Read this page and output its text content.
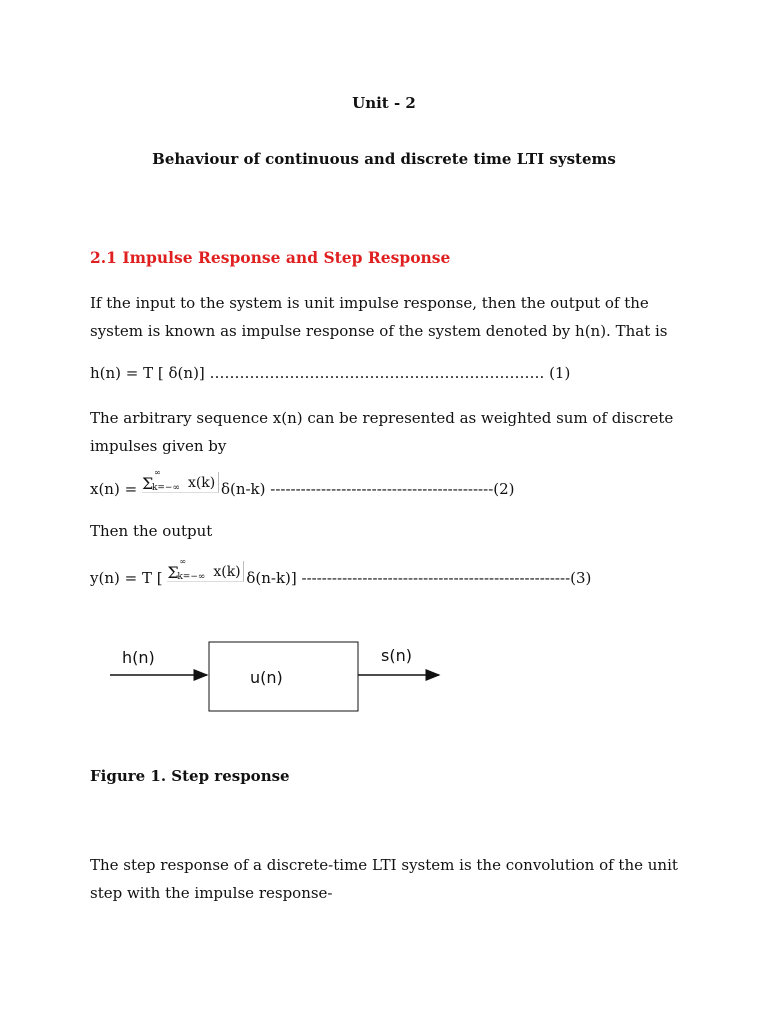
Unit - 2
Behaviour of continuous and discrete time LTI systems
2.1 Impulse Response and Step Response
If the input to the system is unit impulse response, then the output of the
system is known as impulse response of the system denoted by h(n). That is
h(n) = T [ δ(n)] …………………………………………………………. (1)
The arbitrary sequence x(n) can be represented as weighted sum of discrete
impulses given by
x(n) = Σ
∞
k=−∞ x(k) δ(n-k) --------------------------------------------(2)
Then the output
y(n) = T [ Σ
∞
k=−∞ x(k) δ(n-k)] -----------------------------------------------------(3)
h(n)
u(n)
s(n)
Figure 1. Step response
The step response of a discrete-time LTI system is the convolution of the unit
step with the impulse response-
